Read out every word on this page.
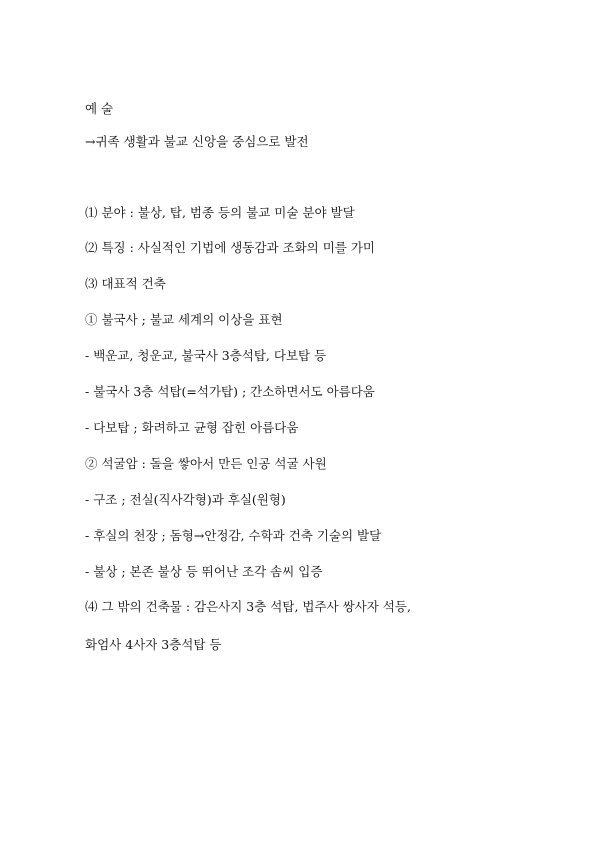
예 술
→귀족 생활과 불교 신앙을 중심으로 발전
⑴ 분야 : 불상, 탑, 범종 등의 불교 미술 분야 발달
⑵ 특징 : 사실적인 기법에 생동감과 조화의 미를 가미
⑶ 대표적 건축
① 불국사 ; 불교 세계의 이상을 표현
- 백운교, 청운교, 불국사 3층석탑, 다보탑 등
- 불국사 3층 석탑(=석가탑) ; 간소하면서도 아름다움
- 다보탑 ; 화려하고 균형 잡힌 아름다움
② 석굴암 : 돌을 쌓아서 만든 인공 석굴 사원
- 구조 ; 전실(직사각형)과 후실(원형)
- 후실의 천장 ; 돔형→안정감, 수학과 건축 기술의 발달
- 불상 ; 본존 불상 등 뛰어난 조각 솜씨 입증
⑷ 그 밖의 건축물 : 감은사지 3층 석탑, 법주사 쌍사자 석등,
화엄사 4사자 3층석탑 등
